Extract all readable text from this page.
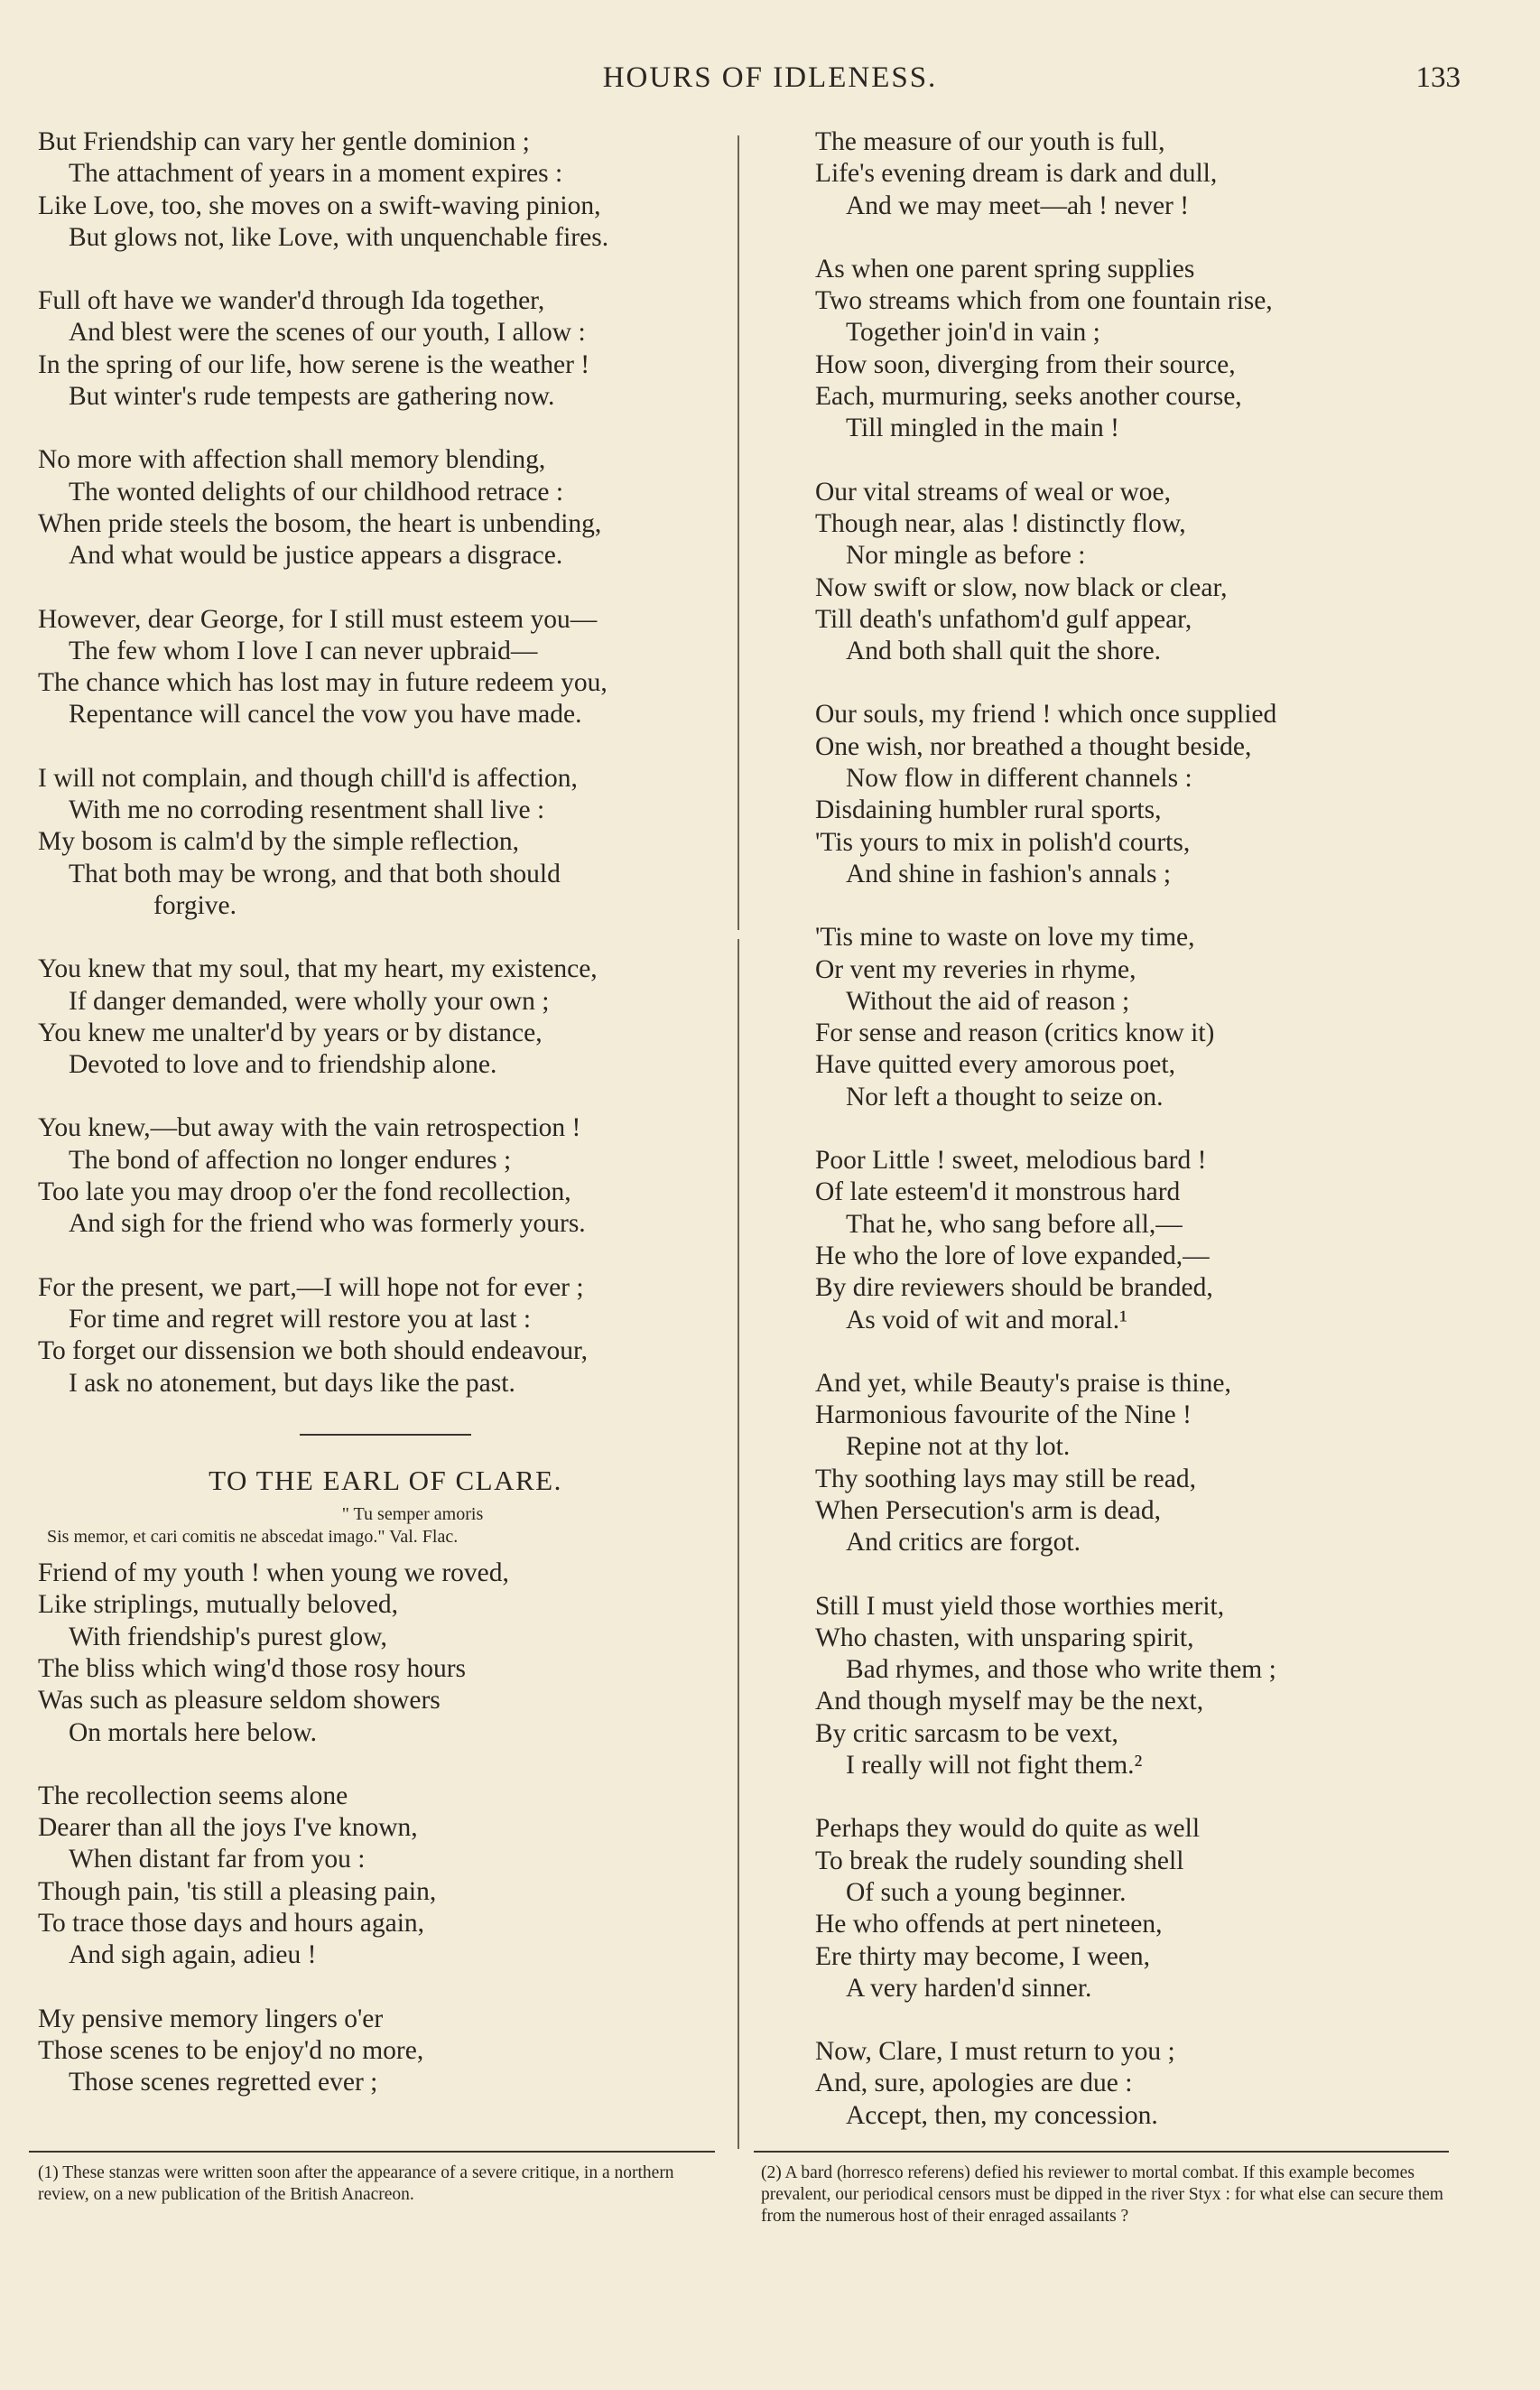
HOURS OF IDLENESS.	133
But Friendship can vary her gentle dominion ;
The attachment of years in a moment expires :
Like Love, too, she moves on a swift-waving pinion,
But glows not, like Love, with unquenchable fires.
Full oft have we wander'd through Ida together,
And blest were the scenes of our youth, I allow :
In the spring of our life, how serene is the weather !
But winter's rude tempests are gathering now.
No more with affection shall memory blending,
The wonted delights of our childhood retrace :
When pride steels the bosom, the heart is unbending,
And what would be justice appears a disgrace.
However, dear George, for I still must esteem you—
The few whom I love I can never upbraid—
The chance which has lost may in future redeem you,
Repentance will cancel the vow you have made.
I will not complain, and though chill'd is affection,
With me no corroding resentment shall live :
My bosom is calm'd by the simple reflection,
That both may be wrong, and that both should
forgive.
You knew that my soul, that my heart, my existence,
If danger demanded, were wholly your own ;
You knew me unalter'd by years or by distance,
Devoted to love and to friendship alone.
You knew,—but away with the vain retrospection !
The bond of affection no longer endures ;
Too late you may droop o'er the fond recollection,
And sigh for the friend who was formerly yours.
For the present, we part,—I will hope not for ever ;
For time and regret will restore you at last :
To forget our dissension we both should endeavour,
I ask no atonement, but days like the past.
TO THE EARL OF CLARE.
" Tu semper amoris
Sis memor, et cari comitis ne abscedat imago." Val. Flac.
Friend of my youth ! when young we roved,
Like striplings, mutually beloved,
With friendship's purest glow,
The bliss which wing'd those rosy hours
Was such as pleasure seldom showers
On mortals here below.
The recollection seems alone
Dearer than all the joys I've known,
When distant far from you :
Though pain, 'tis still a pleasing pain,
To trace those days and hours again,
And sigh again, adieu !
My pensive memory lingers o'er
Those scenes to be enjoy'd no more,
Those scenes regretted ever ;
The measure of our youth is full,
Life's evening dream is dark and dull,
And we may meet—ah ! never !
As when one parent spring supplies
Two streams which from one fountain rise,
Together join'd in vain ;
How soon, diverging from their source,
Each, murmuring, seeks another course,
Till mingled in the main !
Our vital streams of weal or woe,
Though near, alas ! distinctly flow,
Nor mingle as before :
Now swift or slow, now black or clear,
Till death's unfathom'd gulf appear,
And both shall quit the shore.
Our souls, my friend ! which once supplied
One wish, nor breathed a thought beside,
Now flow in different channels :
Disdaining humbler rural sports,
'Tis yours to mix in polish'd courts,
And shine in fashion's annals ;
'Tis mine to waste on love my time,
Or vent my reveries in rhyme,
Without the aid of reason ;
For sense and reason (critics know it)
Have quitted every amorous poet,
Nor left a thought to seize on.
Poor Little ! sweet, melodious bard !
Of late esteem'd it monstrous hard
That he, who sang before all,—
He who the lore of love expanded,—
By dire reviewers should be branded,
As void of wit and moral.¹
And yet, while Beauty's praise is thine,
Harmonious favourite of the Nine !
Repine not at thy lot.
Thy soothing lays may still be read,
When Persecution's arm is dead,
And critics are forgot.
Still I must yield those worthies merit,
Who chasten, with unsparing spirit,
Bad rhymes, and those who write them ;
And though myself may be the next,
By critic sarcasm to be vext,
I really will not fight them.²
Perhaps they would do quite as well
To break the rudely sounding shell
Of such a young beginner.
He who offends at pert nineteen,
Ere thirty may become, I ween,
A very harden'd sinner.
Now, Clare, I must return to you ;
And, sure, apologies are due :
Accept, then, my concession.
(1) These stanzas were written soon after the appearance of a severe critique, in a northern review, on a new publication of the British Anacreon.
(2) A bard (horresco referens) defied his reviewer to mortal combat. If this example becomes prevalent, our periodical censors must be dipped in the river Styx : for what else can secure them from the numerous host of their enraged assailants ?
